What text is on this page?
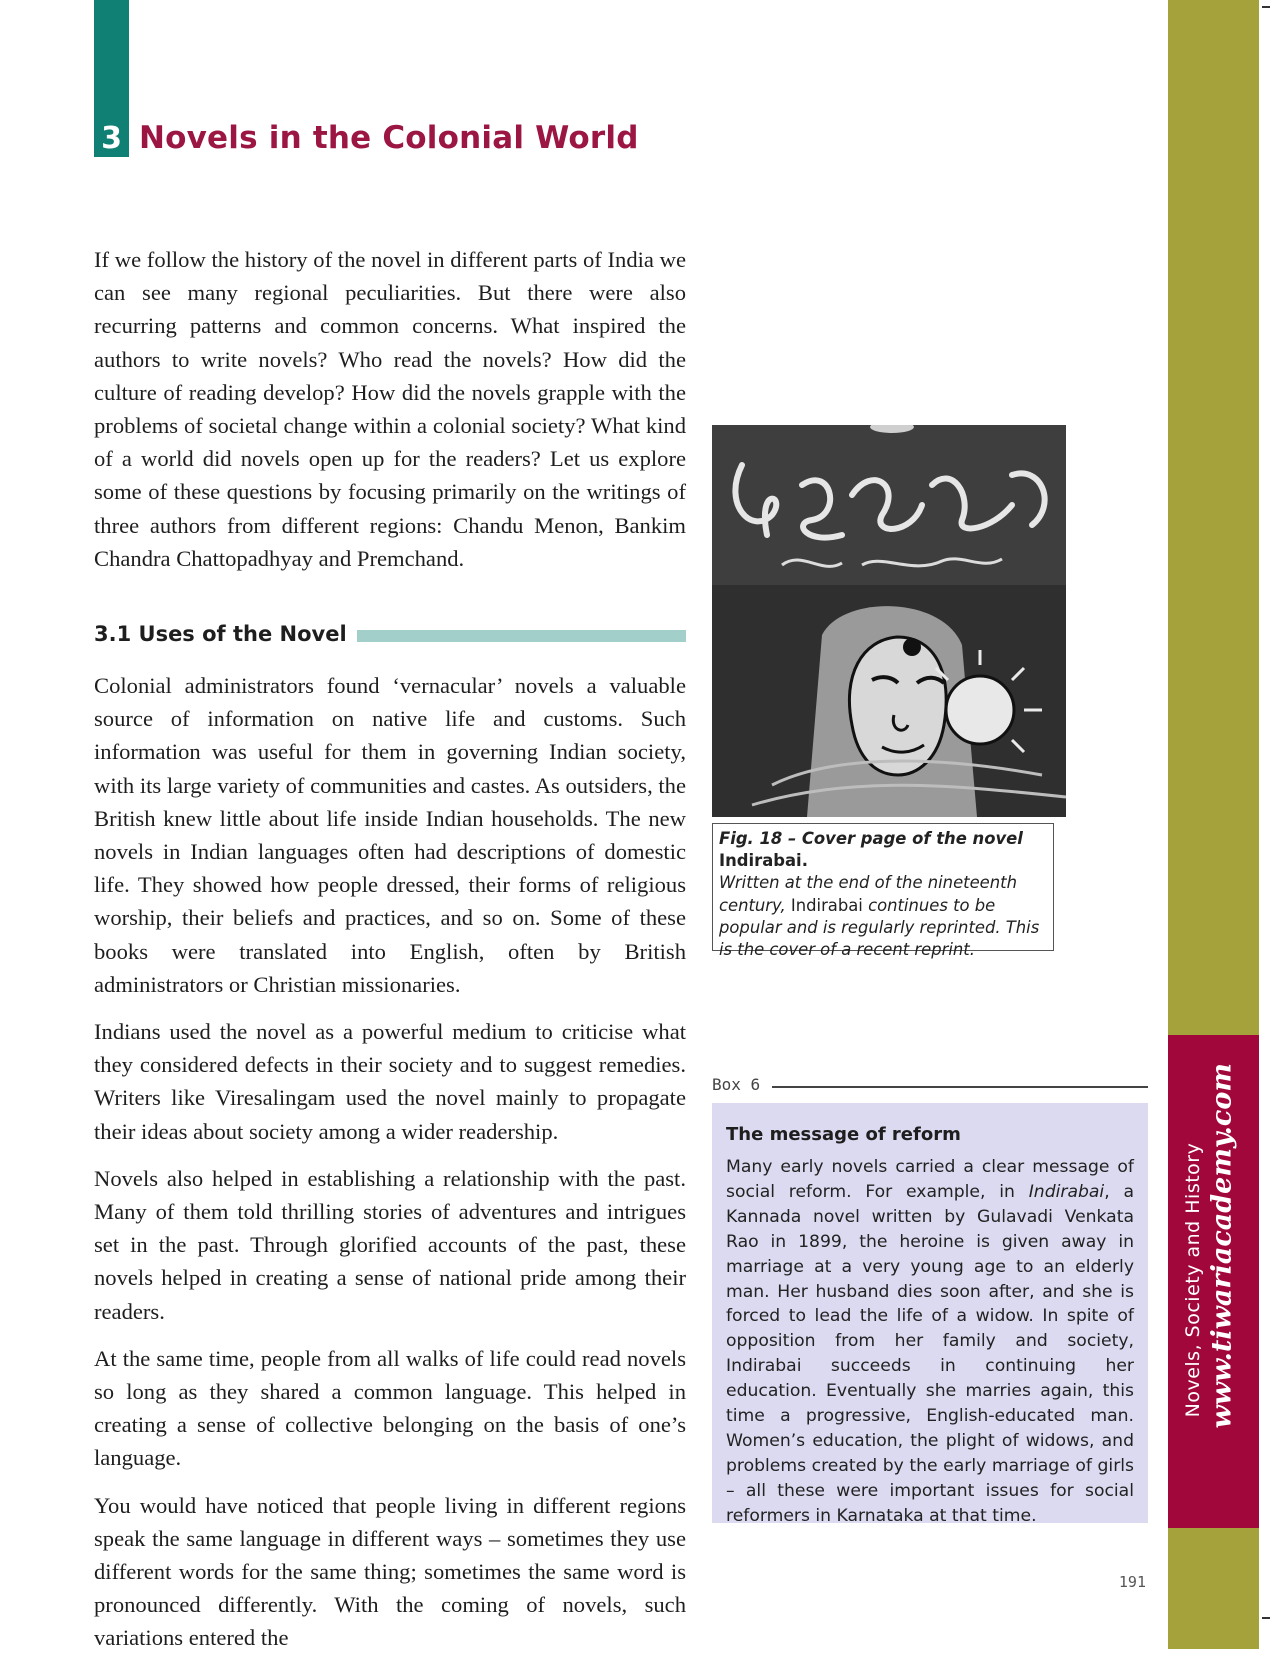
3 Novels in the Colonial World

If we follow the history of the novel in different parts of India we can see many regional peculiarities. But there were also recurring patterns and common concerns. What inspired the authors to write novels? Who read the novels? How did the culture of reading develop? How did the novels grapple with the problems of societal change within a colonial society? What kind of a world did novels open up for the readers? Let us explore some of these questions by focusing primarily on the writings of three authors from different regions: Chandu Menon, Bankim Chandra Chattopadhyay and Premchand.

3.1 Uses of the Novel

Colonial administrators found ‘vernacular’ novels a valuable source of information on native life and customs. Such information was useful for them in governing Indian society, with its large variety of communities and castes. As outsiders, the British knew little about life inside Indian households. The new novels in Indian languages often had descriptions of domestic life. They showed how people dressed, their forms of religious worship, their beliefs and practices, and so on. Some of these books were translated into English, often by British administrators or Christian missionaries.

Indians used the novel as a powerful medium to criticise what they considered defects in their society and to suggest remedies. Writers like Viresalingam used the novel mainly to propagate their ideas about society among a wider readership.

Novels also helped in establishing a relationship with the past. Many of them told thrilling stories of adventures and intrigues set in the past. Through glorified accounts of the past, these novels helped in creating a sense of national pride among their readers.

At the same time, people from all walks of life could read novels so long as they shared a common language. This helped in creating a sense of collective belonging on the basis of one’s language.

You would have noticed that people living in different regions speak the same language in different ways – sometimes they use different words for the same thing; sometimes the same word is pronounced differently. With the coming of novels, such variations entered the

Fig. 18 – Cover page of the novel Indirabai.
Written at the end of the nineteenth century, Indirabai continues to be popular and is regularly reprinted. This is the cover of a recent reprint.
Box 6

The message of reform

Many early novels carried a clear message of social reform. For example, in Indirabai, a Kannada novel written by Gulavadi Venkata Rao in 1899, the heroine is given away in marriage at a very young age to an elderly man. Her husband dies soon after, and she is forced to lead the life of a widow. In spite of opposition from her family and society, Indirabai succeeds in continuing her education. Eventually she marries again, this time a progressive, English-educated man. Women’s education, the plight of widows, and problems created by the early marriage of girls – all these were important issues for social reformers in Karnataka at that time.

Novels, Society and History www.tiwariacademy.com
191
